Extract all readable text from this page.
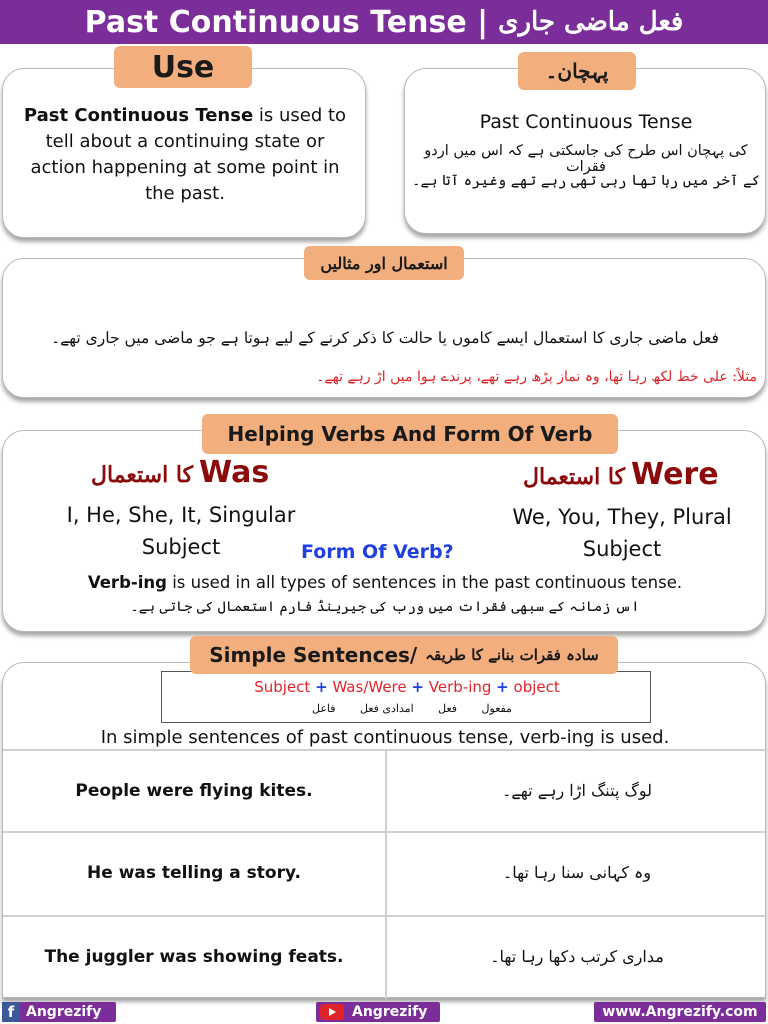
Past Continuous Tense | فعل ماضی جاری
Past Continuous Tense is used to
tell about a continuing state or
action happening at some point in
the past.
Use
Past Continuous Tense
کی پہچان اس طرح کی جاسکتی ہے کہ اس میں اردو فقرات
کے آخر میں رہا تھا رہی تھی رہے تھے وغیرہ آتا ہے۔
پہچان۔
فعل ماضی جاری کا استعمال ایسے کاموں یا حالت کا ذکر کرنے کے لیے ہوتا ہے جو ماضی میں جاری تھے۔
مثلاً: علی خط لکھ رہا تھا، وہ نماز پڑھ رہے تھے، پرندے ہوا میں اڑ رہے تھے۔
استعمال اور مثالیں
کا استعمال Was
I, He, She, It, Singular
Subject
کا استعمال Were
We, You, They, Plural
Subject
Form Of Verb?
Verb-ing is used in all types of sentences in the past continuous tense.
اس زمانہ کے سبھی فقرات میں ورب کی جیرینڈ فارم استعمال کی جاتی ہے۔
Helping Verbs And Form Of Verb
Subject + Was/Were + Verb-ing + object
فاعل امدادی فعل فعل مفعول
In simple sentences of past continuous tense, verb-ing is used.
People were flying kites.	لوگ پتنگ اڑا رہے تھے۔
He was telling a story.	وہ کہانی سنا رہا تھا۔
The juggler was showing feats.	مداری کرتب دکھا رہا تھا۔
Simple Sentences/ سادہ فقرات بنانے کا طریقہ
f Angrezify	Angrezify	www.Angrezify.com
